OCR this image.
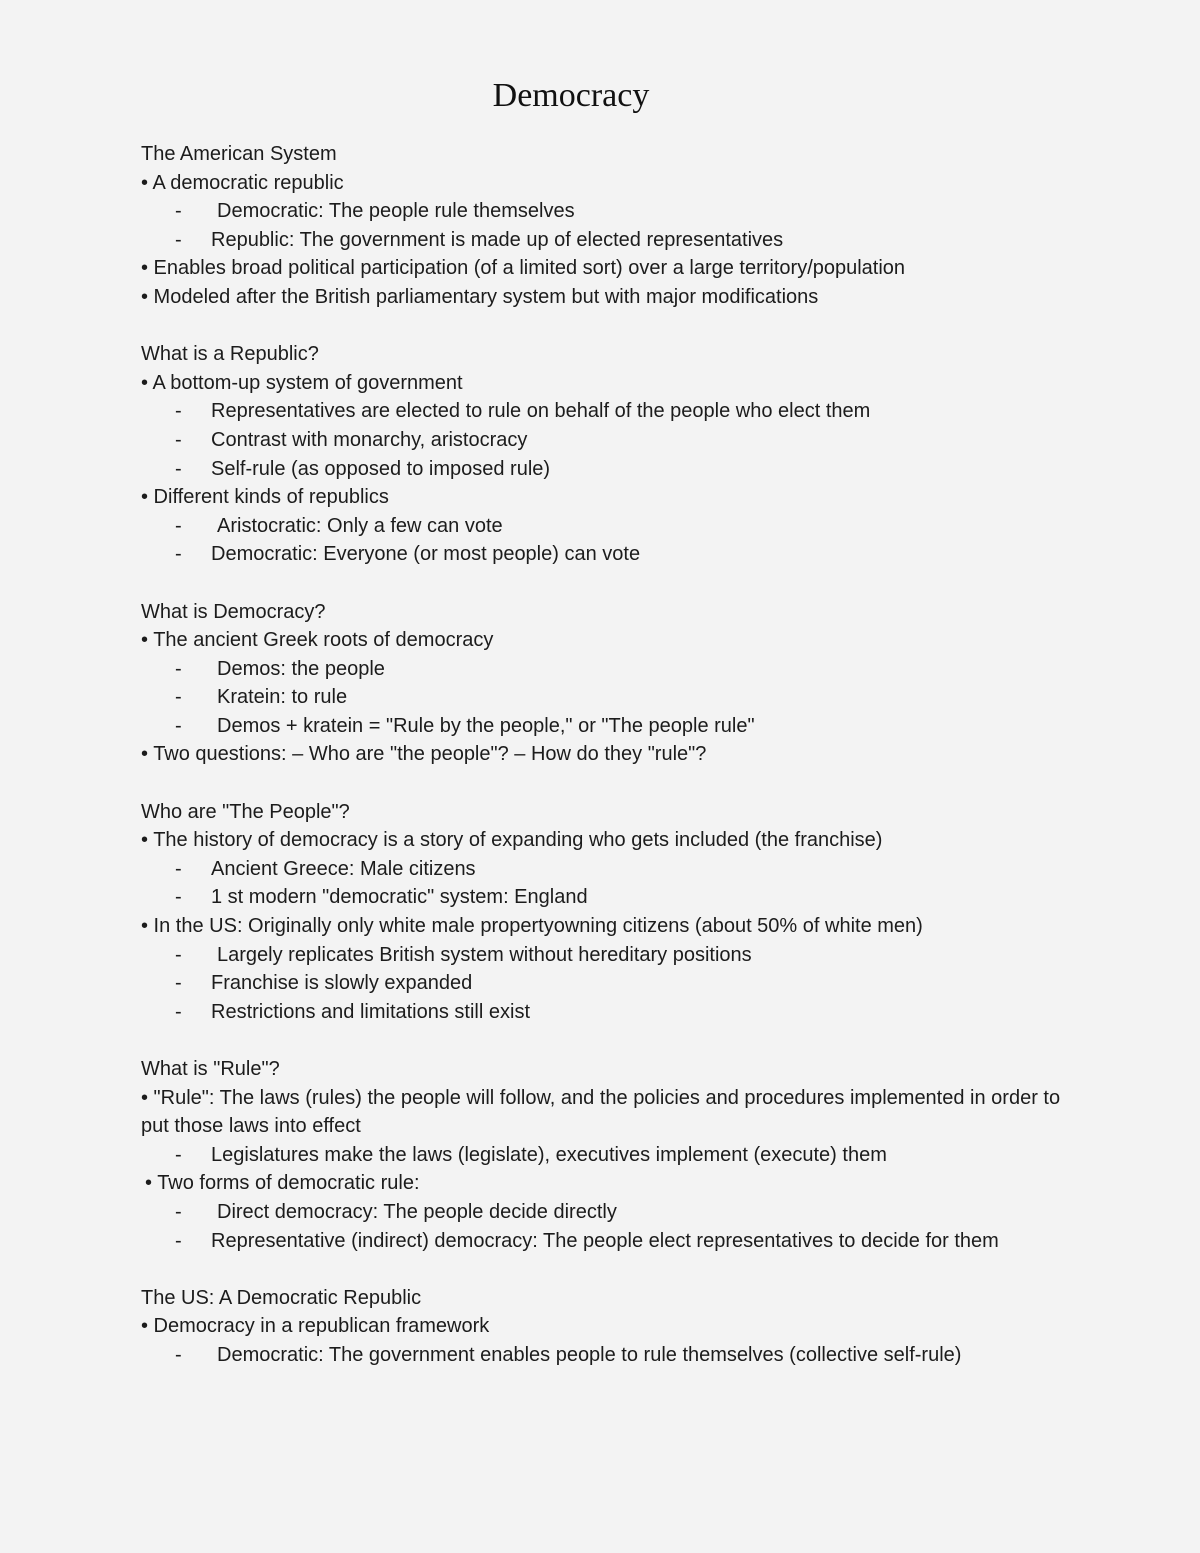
Democracy
The American System
• A democratic republic
- Democratic: The people rule themselves
- Republic: The government is made up of elected representatives
• Enables broad political participation (of a limited sort) over a large territory/population
• Modeled after the British parliamentary system but with major modifications
What is a Republic?
• A bottom-up system of government
- Representatives are elected to rule on behalf of the people who elect them
- Contrast with monarchy, aristocracy
- Self-rule (as opposed to imposed rule)
• Different kinds of republics
- Aristocratic: Only a few can vote
- Democratic: Everyone (or most people) can vote
What is Democracy?
• The ancient Greek roots of democracy
- Demos: the people
- Kratein: to rule
- Demos + kratein = "Rule by the people," or "The people rule"
• Two questions: – Who are "the people"? – How do they "rule"?
Who are "The People"?
• The history of democracy is a story of expanding who gets included (the franchise)
- Ancient Greece: Male citizens
- 1 st modern "democratic" system: England
• In the US: Originally only white male propertyowning citizens (about 50% of white men)
- Largely replicates British system without hereditary positions
- Franchise is slowly expanded
- Restrictions and limitations still exist
What is "Rule"?
• "Rule": The laws (rules) the people will follow, and the policies and procedures implemented in order to put those laws into effect
- Legislatures make the laws (legislate), executives implement (execute) them
• Two forms of democratic rule:
- Direct democracy: The people decide directly
- Representative (indirect) democracy: The people elect representatives to decide for them
The US: A Democratic Republic
• Democracy in a republican framework
- Democratic: The government enables people to rule themselves (collective self-rule)
